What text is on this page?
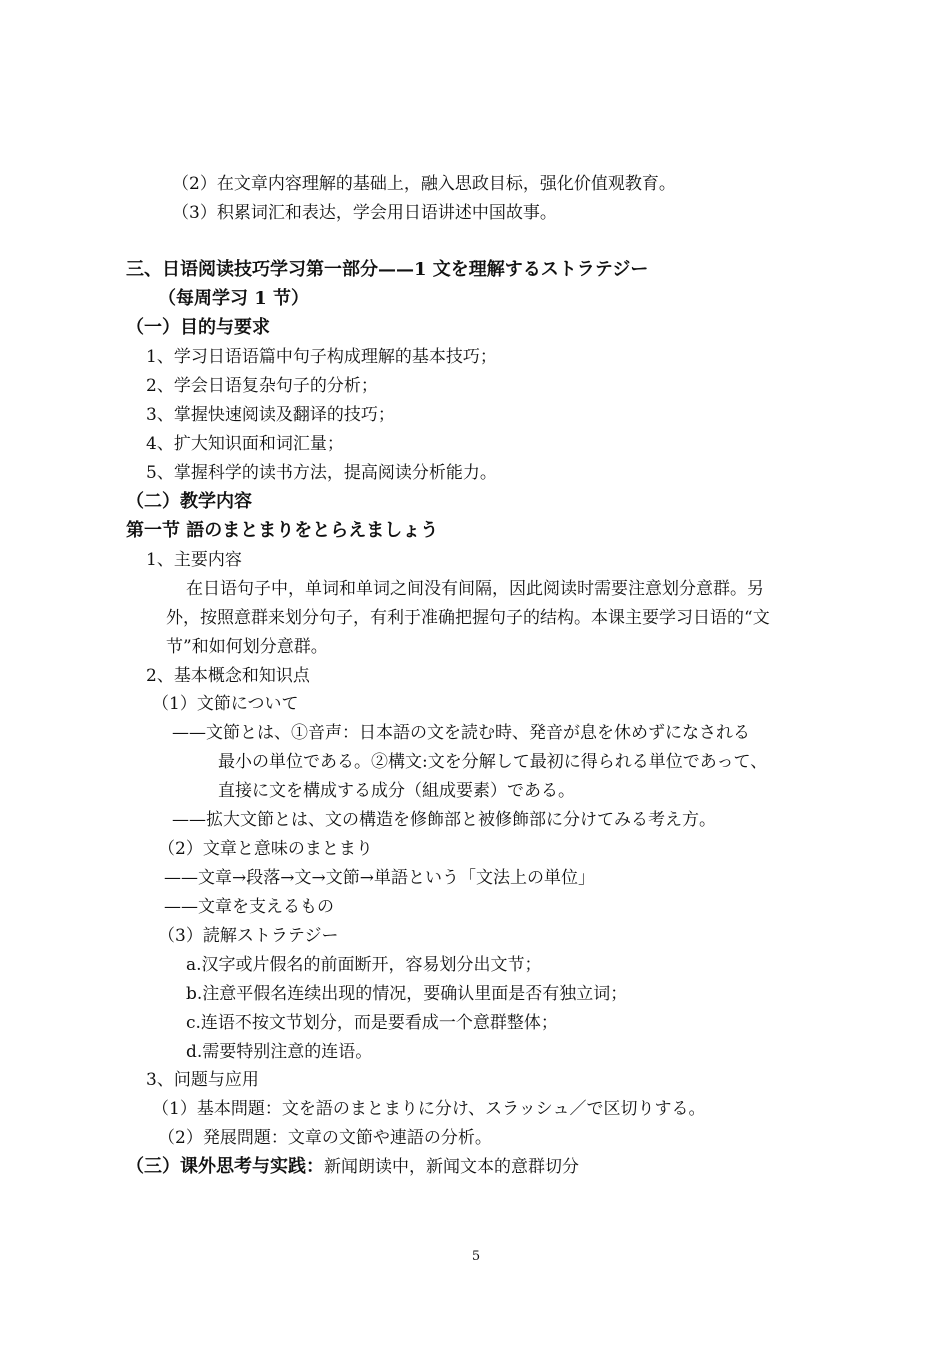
（2）在文章内容理解的基础上，融入思政目标，强化价值观教育。
（3）积累词汇和表达，学会用日语讲述中国故事。
三、日语阅读技巧学习第一部分——1 文を理解するストラテジー
（每周学习 1 节）
（一）目的与要求
1、学习日语语篇中句子构成理解的基本技巧；
2、学会日语复杂句子的分析；
3、掌握快速阅读及翻译的技巧；
4、扩大知识面和词汇量；
5、掌握科学的读书方法，提高阅读分析能力。
（二）教学内容
第一节 語のまとまりをとらえましょう
1、主要内容
在日语句子中，单词和单词之间没有间隔，因此阅读时需要注意划分意群。另
外，按照意群来划分句子，有利于准确把握句子的结构。本课主要学习日语的“文
节”和如何划分意群。
2、基本概念和知识点
（1）文節について
——文節とは、①音声：日本語の文を読む時、発音が息を休めずになされる
最小の単位である。②構文:文を分解して最初に得られる単位であって、
直接に文を構成する成分（組成要素）である。
——拡大文節とは、文の構造を修飾部と被修飾部に分けてみる考え方。
（2）文章と意味のまとまり
——文章→段落→文→文節→単語という「文法上の単位」
——文章を支えるもの
（3）読解ストラテジー
a.汉字或片假名的前面断开，容易划分出文节；
b.注意平假名连续出现的情况，要确认里面是否有独立词；
c.连语不按文节划分，而是要看成一个意群整体；
d.需要特别注意的连语。
3、问题与应用
（1）基本問題：文を語のまとまりに分け、スラッシュ／で区切りする。
（2）発展問題：文章の文節や連語の分析。
（三）课外思考与实践：新闻朗读中，新闻文本的意群切分
5
